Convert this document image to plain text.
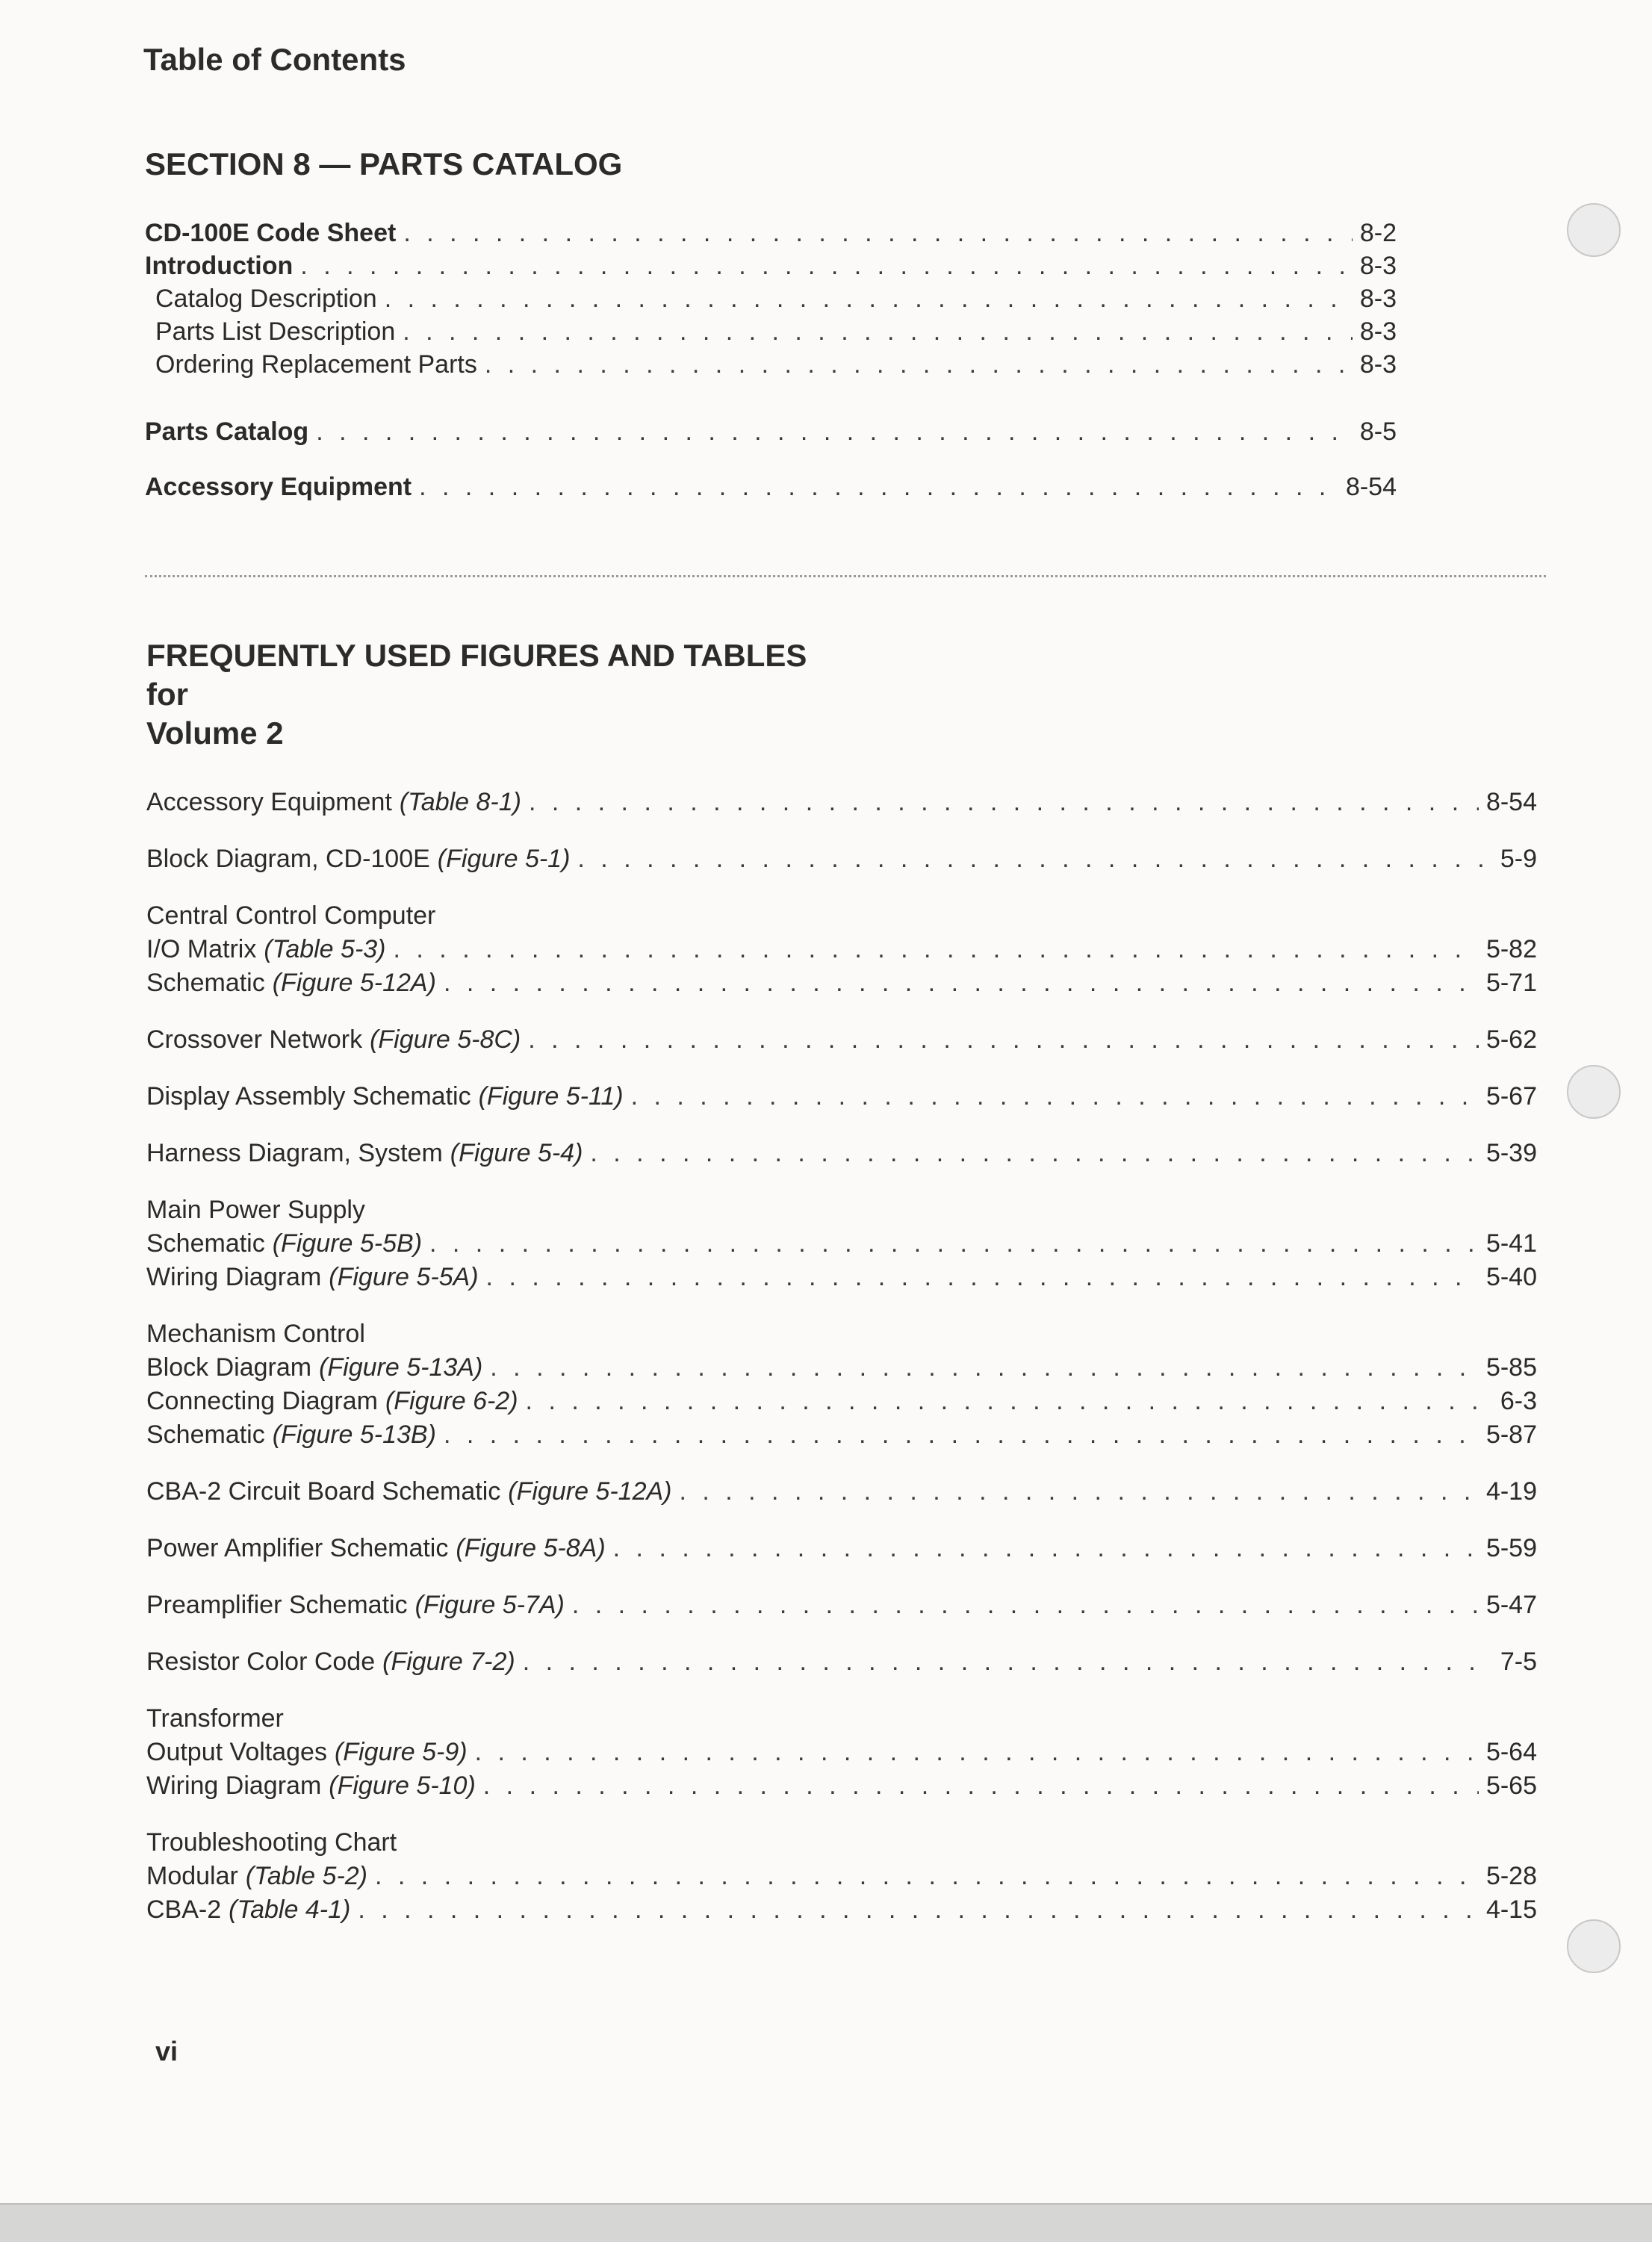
Table of Contents
SECTION 8 — PARTS CATALOG
CD-100E Code Sheet . . .	8-2
Introduction . . .	8-3
Catalog Description . . .	8-3
Parts List Description . . .	8-3
Ordering Replacement Parts . . .	8-3
Parts Catalog . . .	8-5
Accessory Equipment . . .	8-54
FREQUENTLY USED FIGURES AND TABLES
for
Volume 2
Accessory Equipment (Table 8-1) . . .	8-54
Block Diagram, CD-100E (Figure 5-1) . . .	5-9
Central Control Computer
I/O Matrix (Table 5-3) . . .	5-82
Schematic (Figure 5-12A) . . .	5-71
Crossover Network (Figure 5-8C) . . .	5-62
Display Assembly Schematic (Figure 5-11) . . .	5-67
Harness Diagram, System (Figure 5-4) . . .	5-39
Main Power Supply
Schematic (Figure 5-5B) . . .	5-41
Wiring Diagram (Figure 5-5A) . . .	5-40
Mechanism Control
Block Diagram (Figure 5-13A) . . .	5-85
Connecting Diagram (Figure 6-2) . . .	6-3
Schematic (Figure 5-13B) . . .	5-87
CBA-2 Circuit Board Schematic (Figure 5-12A) . . .	4-19
Power Amplifier Schematic (Figure 5-8A) . . .	5-59
Preamplifier Schematic (Figure 5-7A) . . .	5-47
Resistor Color Code (Figure 7-2) . . .	7-5
Transformer
Output Voltages (Figure 5-9) . . .	5-64
Wiring Diagram (Figure 5-10) . . .	5-65
Troubleshooting Chart
Modular (Table 5-2) . . .	5-28
CBA-2 (Table 4-1) . . .	4-15
vi
